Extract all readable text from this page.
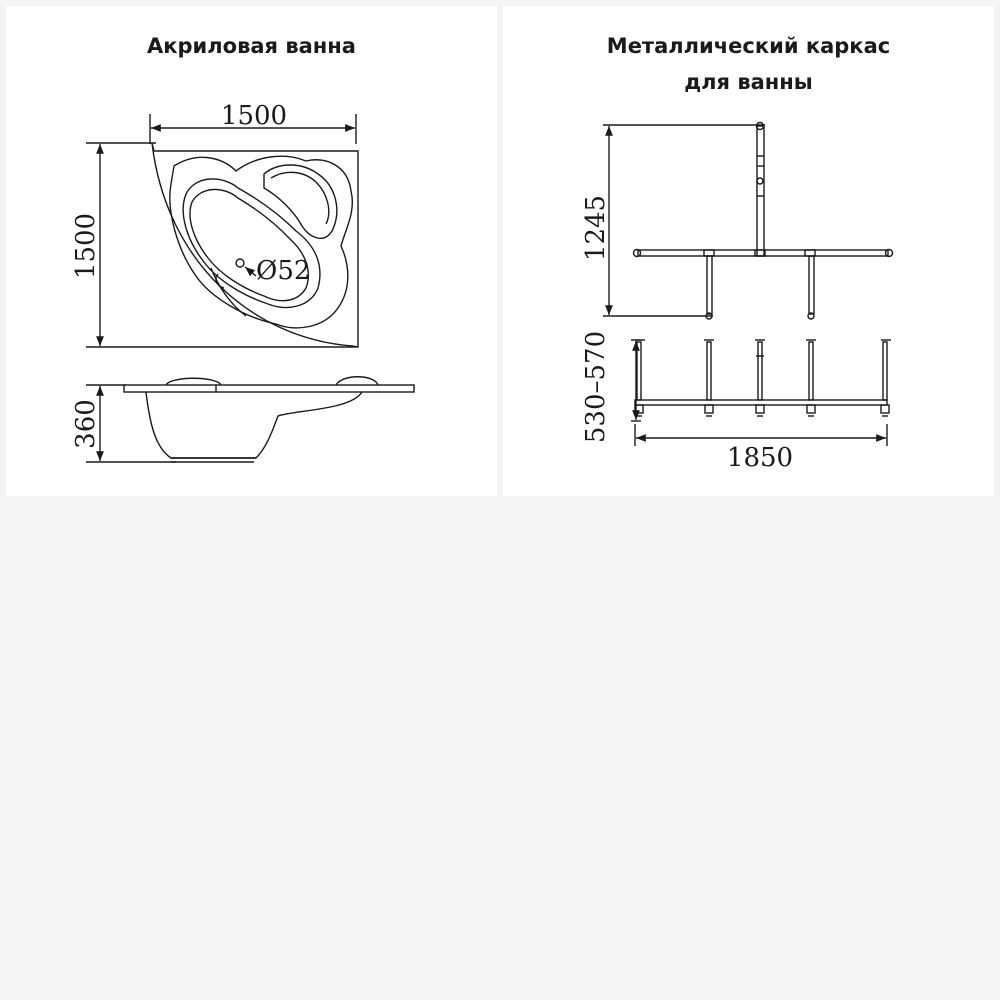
Акриловая ванна
1500
1500	Ø52
360
Металлический каркас
для ванны
1245
530–570
1850
